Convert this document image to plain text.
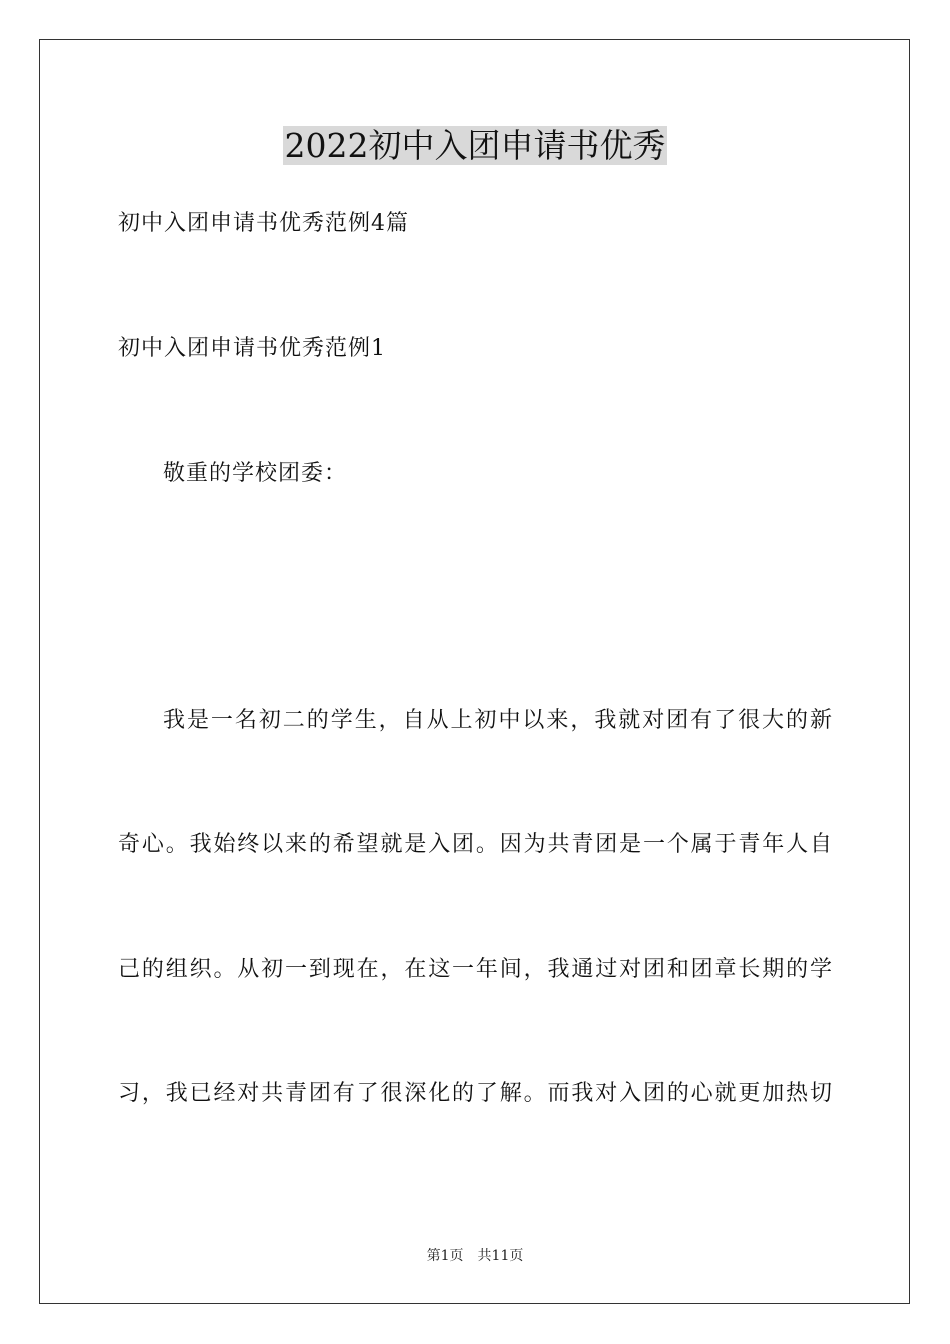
2022初中入团申请书优秀

初中入团申请书优秀范例4篇

初中入团申请书优秀范例1

敬重的学校团委：

我是一名初二的学生，自从上初中以来，我就对团有了很大的新

奇心。我始终以来的希望就是入团。因为共青团是一个属于青年人自

己的组织。从初一到现在，在这一年间，我通过对团和团章长期的学

习，我已经对共青团有了很深化的了解。而我对入团的心就更加热切

第1页 共11页
